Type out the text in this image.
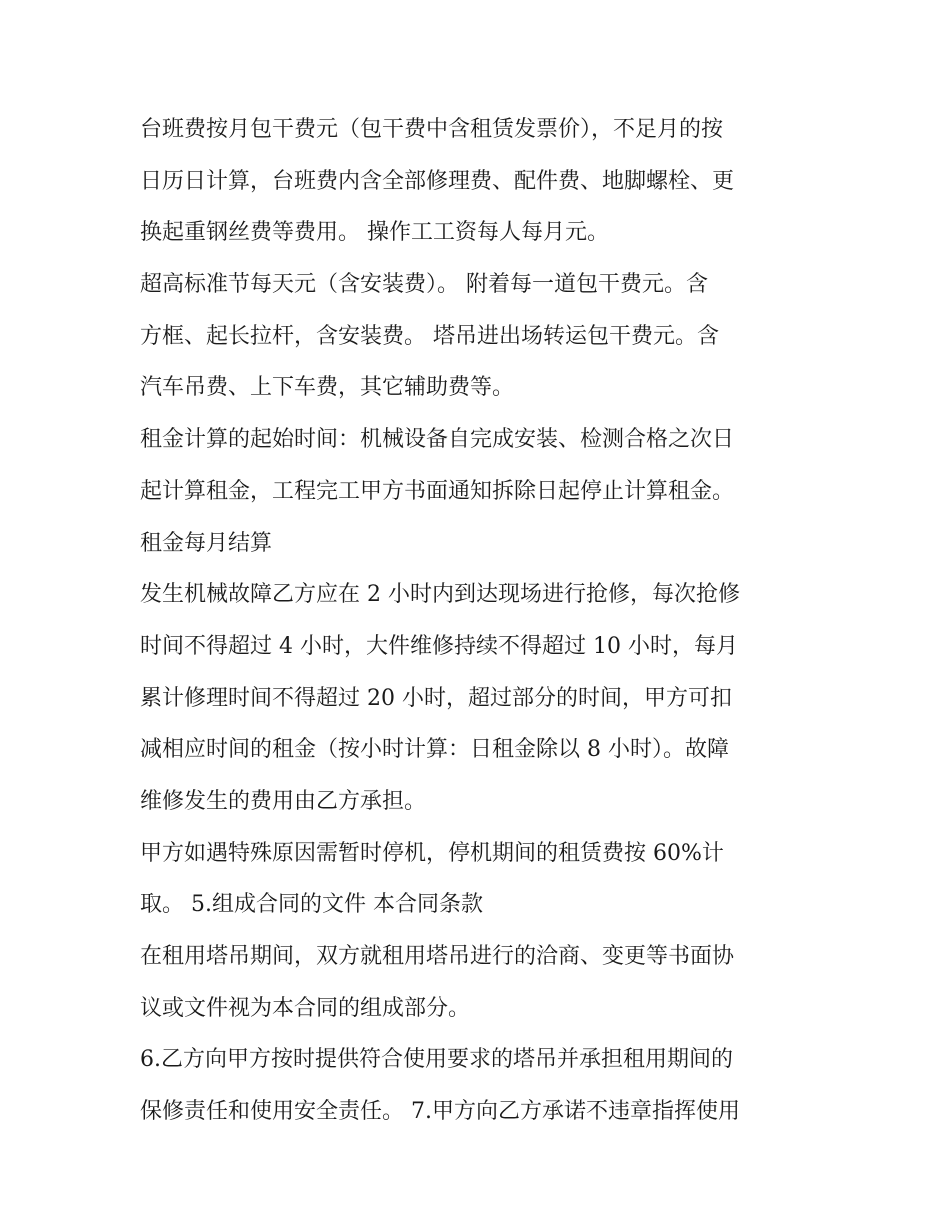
台班费按月包干费元（包干费中含租赁发票价），不足月的按
日历日计算，台班费内含全部修理费、配件费、地脚螺栓、更
换起重钢丝费等费用。 操作工工资每人每月元。

超高标准节每天元（含安装费）。 附着每一道包干费元。含
方框、起长拉杆，含安装费。 塔吊进出场转运包干费元。含
汽车吊费、上下车费，其它辅助费等。

租金计算的起始时间：机械设备自完成安装、检测合格之次日
起计算租金，工程完工甲方书面通知拆除日起停止计算租金。
租金每月结算

发生机械故障乙方应在 2 小时内到达现场进行抢修，每次抢修
时间不得超过 4 小时，大件维修持续不得超过 10 小时，每月
累计修理时间不得超过 20 小时，超过部分的时间，甲方可扣
减相应时间的租金（按小时计算：日租金除以 8 小时）。故障
维修发生的费用由乙方承担。

甲方如遇特殊原因需暂时停机，停机期间的租赁费按 60%计
取。 5.组成合同的文件 本合同条款

在租用塔吊期间，双方就租用塔吊进行的洽商、变更等书面协
议或文件视为本合同的组成部分。

6.乙方向甲方按时提供符合使用要求的塔吊并承担租用期间的
保修责任和使用安全责任。 7.甲方向乙方承诺不违章指挥使用
